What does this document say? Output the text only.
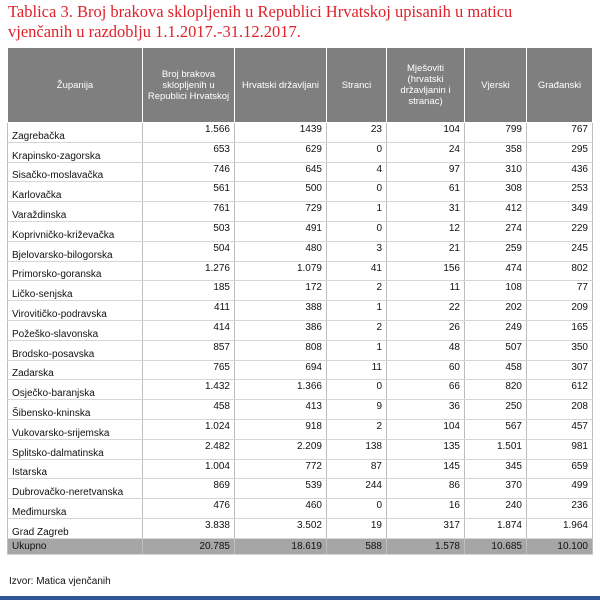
Tablica 3. Broj brakova sklopljenih u Republici Hrvatskoj upisanih u maticu
vjenčanih u razdoblju 1.1.2017.-31.12.2017.
Županija	Broj brakova sklopljenih u Republici Hrvatskoj	Hrvatski državljani	Stranci	Mješoviti (hrvatski državljanin i stranac)	Vjerski	Građanski
Zagrebačka	1.566	1439	23	104	799	767
Krapinsko-zagorska	653	629	0	24	358	295
Sisačko-moslavačka	746	645	4	97	310	436
Karlovačka	561	500	0	61	308	253
Varaždinska	761	729	1	31	412	349
Koprivničko-križevačka	503	491	0	12	274	229
Bjelovarsko-bilogorska	504	480	3	21	259	245
Primorsko-goranska	1.276	1.079	41	156	474	802
Ličko-senjska	185	172	2	11	108	77
Virovitičko-podravska	411	388	1	22	202	209
Požeško-slavonska	414	386	2	26	249	165
Brodsko-posavska	857	808	1	48	507	350
Zadarska	765	694	11	60	458	307
Osječko-baranjska	1.432	1.366	0	66	820	612
Šibensko-kninska	458	413	9	36	250	208
Vukovarsko-srijemska	1.024	918	2	104	567	457
Splitsko-dalmatinska	2.482	2.209	138	135	1.501	981
Istarska	1.004	772	87	145	345	659
Dubrovačko-neretvanska	869	539	244	86	370	499
Međimurska	476	460	0	16	240	236
Grad Zagreb	3.838	3.502	19	317	1.874	1.964
Ukupno	20.785	18.619	588	1.578	10.685	10.100
Izvor: Matica vjenčanih
